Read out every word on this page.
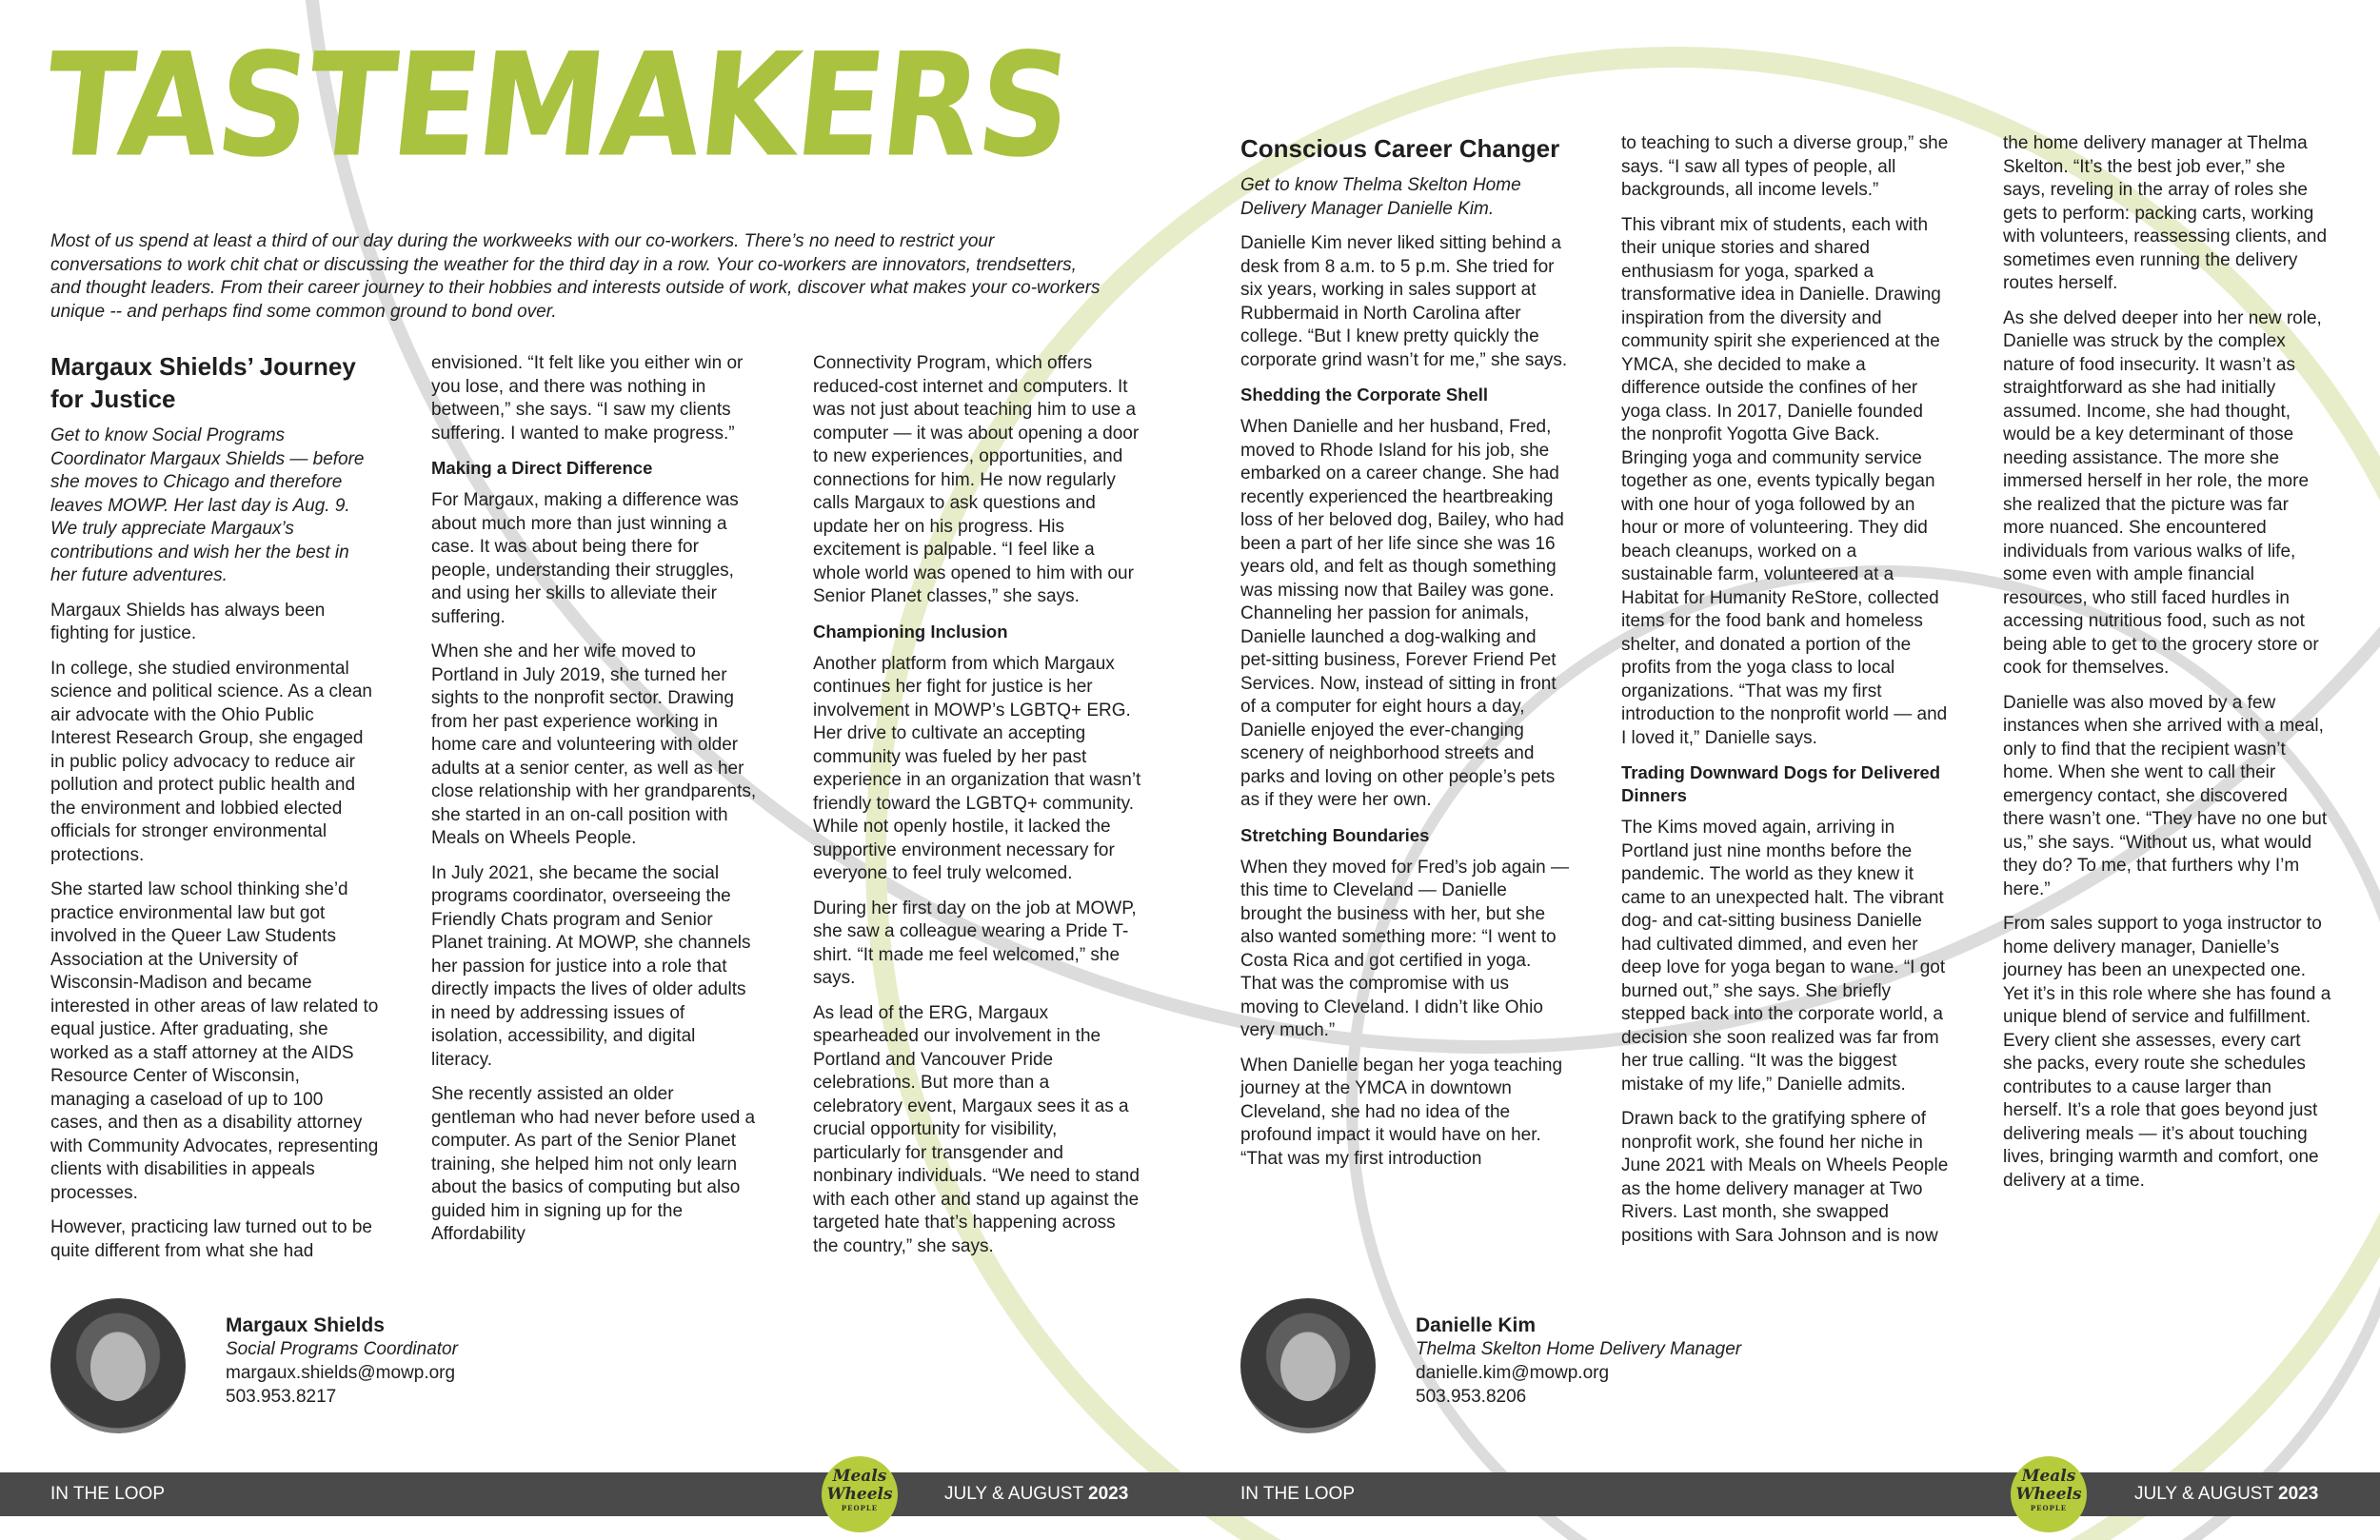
TASTEMAKERS

Most of us spend at least a third of our day during the workweeks with our co-workers. There’s no need to restrict your conversations to work chit chat or discussing the weather for the third day in a row. Your co-workers are innovators, trendsetters, and thought leaders. From their career journey to their hobbies and interests outside of work, discover what makes your co-workers unique -- and perhaps find some common ground to bond over.

Margaux Shields’ Journey for Justice

Get to know Social Programs Coordinator Margaux Shields — before she moves to Chicago and therefore leaves MOWP. Her last day is Aug. 9. We truly appreciate Margaux’s contributions and wish her the best in her future adventures.

Margaux Shields has always been fighting for justice.

In college, she studied environmental science and political science. As a clean air advocate with the Ohio Public Interest Research Group, she engaged in public policy advocacy to reduce air pollution and protect public health and the environment and lobbied elected officials for stronger environmental protections.

She started law school thinking she’d practice environmental law but got involved in the Queer Law Students Association at the University of Wisconsin-Madison and became interested in other areas of law related to equal justice. After graduating, she worked as a staff attorney at the AIDS Resource Center of Wisconsin, managing a caseload of up to 100 cases, and then as a disability attorney with Community Advocates, representing clients with disabilities in appeals processes.

However, practicing law turned out to be quite different from what she had

envisioned. “It felt like you either win or you lose, and there was nothing in between,” she says. “I saw my clients suffering. I wanted to make progress.”

Making a Direct Difference

For Margaux, making a difference was about much more than just winning a case. It was about being there for people, understanding their struggles, and using her skills to alleviate their suffering.

When she and her wife moved to Portland in July 2019, she turned her sights to the nonprofit sector. Drawing from her past experience working in home care and volunteering with older adults at a senior center, as well as her close relationship with her grandparents, she started in an on-call position with Meals on Wheels People.

In July 2021, she became the social programs coordinator, overseeing the Friendly Chats program and Senior Planet training. At MOWP, she channels her passion for justice into a role that directly impacts the lives of older adults in need by addressing issues of isolation, accessibility, and digital literacy.

She recently assisted an older gentleman who had never before used a computer. As part of the Senior Planet training, she helped him not only learn about the basics of computing but also guided him in signing up for the Affordability

Connectivity Program, which offers reduced-cost internet and computers. It was not just about teaching him to use a computer — it was about opening a door to new experiences, opportunities, and connections for him. He now regularly calls Margaux to ask questions and update her on his progress. His excitement is palpable. “I feel like a whole world was opened to him with our Senior Planet classes,” she says.

Championing Inclusion

Another platform from which Margaux continues her fight for justice is her involvement in MOWP’s LGBTQ+ ERG. Her drive to cultivate an accepting community was fueled by her past experience in an organization that wasn’t friendly toward the LGBTQ+ community. While not openly hostile, it lacked the supportive environment necessary for everyone to feel truly welcomed.

During her first day on the job at MOWP, she saw a colleague wearing a Pride T-shirt. “It made me feel welcomed,” she says.

As lead of the ERG, Margaux spearheaded our involvement in the Portland and Vancouver Pride celebrations. But more than a celebratory event, Margaux sees it as a crucial opportunity for visibility, particularly for transgender and nonbinary individuals. “We need to stand with each other and stand up against the targeted hate that’s happening across the country,” she says.

Margaux Shields
Social Programs Coordinator
margaux.shields@mowp.org
503.953.8217
Conscious Career Changer

Get to know Thelma Skelton Home Delivery Manager Danielle Kim.

Danielle Kim never liked sitting behind a desk from 8 a.m. to 5 p.m. She tried for six years, working in sales support at Rubbermaid in North Carolina after college. “But I knew pretty quickly the corporate grind wasn’t for me,” she says.

Shedding the Corporate Shell

When Danielle and her husband, Fred, moved to Rhode Island for his job, she embarked on a career change. She had recently experienced the heartbreaking loss of her beloved dog, Bailey, who had been a part of her life since she was 16 years old, and felt as though something was missing now that Bailey was gone. Channeling her passion for animals, Danielle launched a dog-walking and pet-sitting business, Forever Friend Pet Services. Now, instead of sitting in front of a computer for eight hours a day, Danielle enjoyed the ever-changing scenery of neighborhood streets and parks and loving on other people’s pets as if they were her own.

Stretching Boundaries

When they moved for Fred’s job again — this time to Cleveland — Danielle brought the business with her, but she also wanted something more: “I went to Costa Rica and got certified in yoga. That was the compromise with us moving to Cleveland. I didn’t like Ohio very much.”

When Danielle began her yoga teaching journey at the YMCA in downtown Cleveland, she had no idea of the profound impact it would have on her. “That was my first introduction

to teaching to such a diverse group,” she says. “I saw all types of people, all backgrounds, all income levels.”

This vibrant mix of students, each with their unique stories and shared enthusiasm for yoga, sparked a transformative idea in Danielle. Drawing inspiration from the diversity and community spirit she experienced at the YMCA, she decided to make a difference outside the confines of her yoga class. In 2017, Danielle founded the nonprofit Yogotta Give Back. Bringing yoga and community service together as one, events typically began with one hour of yoga followed by an hour or more of volunteering. They did beach cleanups, worked on a sustainable farm, volunteered at a Habitat for Humanity ReStore, collected items for the food bank and homeless shelter, and donated a portion of the profits from the yoga class to local organizations. “That was my first introduction to the nonprofit world — and I loved it,” Danielle says.

Trading Downward Dogs for Delivered Dinners

The Kims moved again, arriving in Portland just nine months before the pandemic. The world as they knew it came to an unexpected halt. The vibrant dog- and cat-sitting business Danielle had cultivated dimmed, and even her deep love for yoga began to wane. “I got burned out,” she says. She briefly stepped back into the corporate world, a decision she soon realized was far from her true calling. “It was the biggest mistake of my life,” Danielle admits.

Drawn back to the gratifying sphere of nonprofit work, she found her niche in June 2021 with Meals on Wheels People as the home delivery manager at Two Rivers. Last month, she swapped positions with Sara Johnson and is now

the home delivery manager at Thelma Skelton. “It’s the best job ever,” she says, reveling in the array of roles she gets to perform: packing carts, working with volunteers, reassessing clients, and sometimes even running the delivery routes herself.

As she delved deeper into her new role, Danielle was struck by the complex nature of food insecurity. It wasn’t as straightforward as she had initially assumed. Income, she had thought, would be a key determinant of those needing assistance. The more she immersed herself in her role, the more she realized that the picture was far more nuanced. She encountered individuals from various walks of life, some even with ample financial resources, who still faced hurdles in accessing nutritious food, such as not being able to get to the grocery store or cook for themselves.

Danielle was also moved by a few instances when she arrived with a meal, only to find that the recipient wasn’t home. When she went to call their emergency contact, she discovered there wasn’t one. “They have no one but us,” she says. “Without us, what would they do? To me, that furthers why I’m here.”

From sales support to yoga instructor to home delivery manager, Danielle’s journey has been an unexpected one. Yet it’s in this role where she has found a unique blend of service and fulfillment. Every client she assesses, every cart she packs, every route she schedules contributes to a cause larger than herself. It’s a role that goes beyond just delivering meals — it’s about touching lives, bringing warmth and comfort, one delivery at a time.

Danielle Kim
Thelma Skelton Home Delivery Manager
danielle.kim@mowp.org
503.953.8206
IN THE LOOP	JULY & AUGUST 2023	IN THE LOOP	JULY & AUGUST 2023
Meals
Wheels
PEOPLE
Meals
Wheels
PEOPLE
